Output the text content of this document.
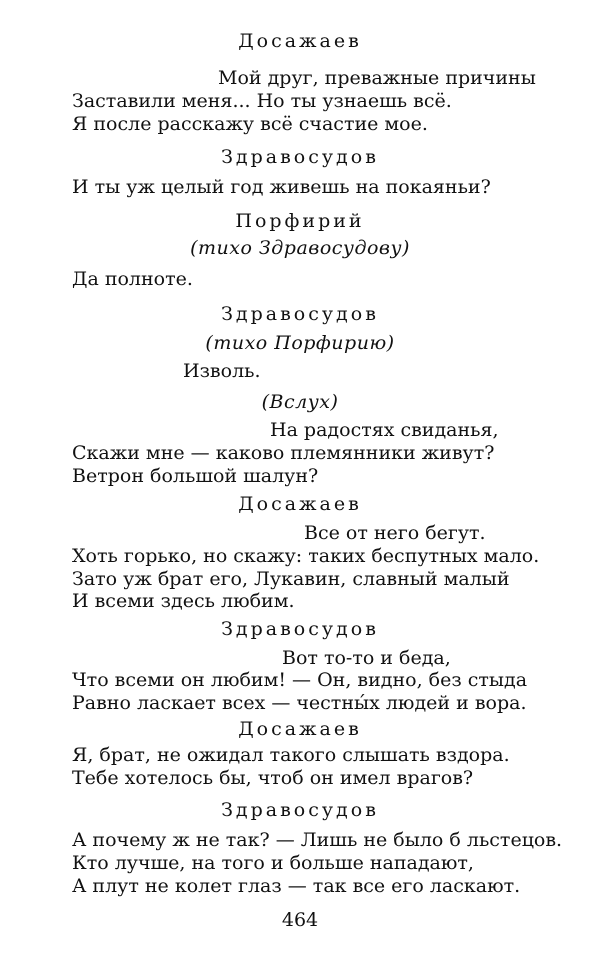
Досажаев
Мой друг, преважные причины
Заставили меня... Но ты узнаешь всё.
Я после расскажу всё счастие мое.
Здравосудов
И ты уж целый год живешь на покаяньи?
Порфирий
(тихо Здравосудову)
Да полноте.
Здравосудов
(тихо Порфирию)
Изволь.
(Вслух)
На радостях свиданья,
Скажи мне — каково племянники живут?
Ветрон большой шалун?
Досажаев
Все от него бегут.
Хоть горько, но скажу: таких беспутных мало.
Зато уж брат его, Лукавин, славный малый
И всеми здесь любим.
Здравосудов
Вот то-то и беда,
Что всеми он любим! — Он, видно, без стыда
Равно ласкает всех — честны́х людей и вора.
Досажаев
Я, брат, не ожидал такого слышать вздора.
Тебе хотелось бы, чтоб он имел врагов?
Здравосудов
А почему ж не так? — Лишь не было б льстецов.
Кто лучше, на того и больше нападают,
А плут не колет глаз — так все его ласкают.
464
